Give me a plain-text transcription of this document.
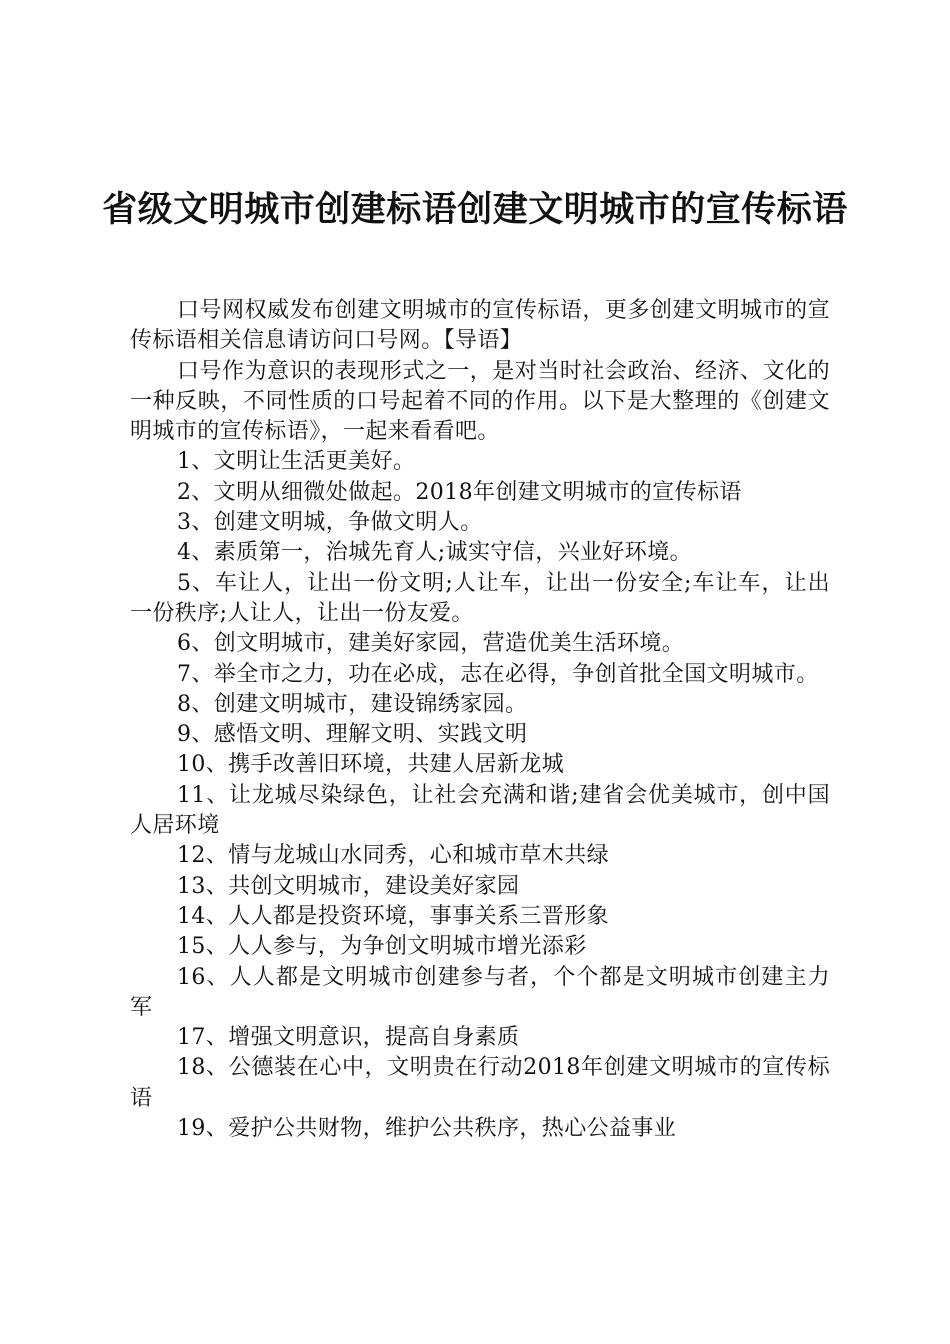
省级文明城市创建标语创建文明城市的宣传标语

口号网权威发布创建文明城市的宣传标语，更多创建文明城市的宣传标语相关信息请访问口号网。【导语】

口号作为意识的表现形式之一，是对当时社会政治、经济、文化的一种反映，不同性质的口号起着不同的作用。以下是大整理的《创建文明城市的宣传标语》，一起来看看吧。

1、文明让生活更美好。

2、文明从细微处做起。2018年创建文明城市的宣传标语

3、创建文明城，争做文明人。

4、素质第一，治城先育人;诚实守信，兴业好环境。

5、车让人，让出一份文明;人让车，让出一份安全;车让车，让出一份秩序;人让人，让出一份友爱。

6、创文明城市，建美好家园，营造优美生活环境。

7、举全市之力，功在必成，志在必得，争创首批全国文明城市。

8、创建文明城市，建设锦绣家园。

9、感悟文明、理解文明、实践文明

10、携手改善旧环境，共建人居新龙城

11、让龙城尽染绿色，让社会充满和谐;建省会优美城市，创中国人居环境

12、情与龙城山水同秀，心和城市草木共绿

13、共创文明城市，建设美好家园

14、人人都是投资环境，事事关系三晋形象

15、人人参与，为争创文明城市增光添彩

16、人人都是文明城市创建参与者，个个都是文明城市创建主力军

17、增强文明意识，提高自身素质

18、公德装在心中，文明贵在行动2018年创建文明城市的宣传标语

19、爱护公共财物，维护公共秩序，热心公益事业
